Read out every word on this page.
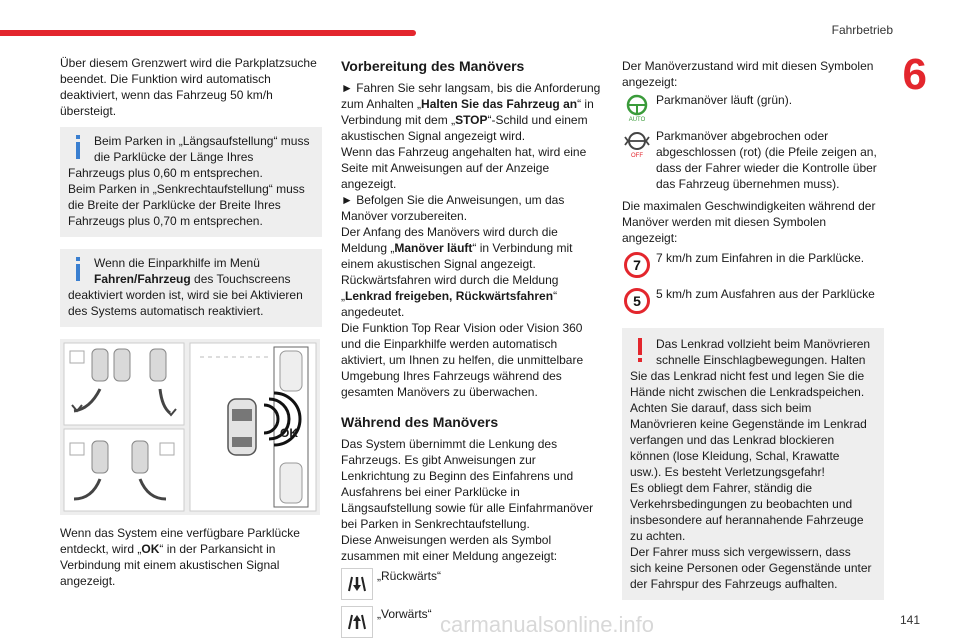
Fahrbetrieb
6

Über diesem Grenzwert wird die Parkplatzsuche beendet. Die Funktion wird automatisch deaktiviert, wenn das Fahrzeug 50 km/h übersteigt.

Beim Parken in „Längsaufstellung“ muss die Parklücke der Länge Ihres Fahrzeugs plus 0,60 m entsprechen.

Beim Parken in „Senkrechtaufstellung“ muss die Breite der Parklücke der Breite Ihres Fahrzeugs plus 0,70 m entsprechen.

Wenn die Einparkhilfe im Menü Fahren/Fahrzeug des Touchscreens deaktiviert worden ist, wird sie bei Aktivieren des Systems automatisch reaktiviert.

OK

Wenn das System eine verfügbare Parklücke entdeckt, wird „OK“ in der Parkansicht in Verbindung mit einem akustischen Signal angezeigt.

Vorbereitung des Manövers

► Fahren Sie sehr langsam, bis die Anforderung zum Anhalten „Halten Sie das Fahrzeug an“ in Verbindung mit dem „STOP“-Schild und einem akustischen Signal angezeigt wird.

Wenn das Fahrzeug angehalten hat, wird eine Seite mit Anweisungen auf der Anzeige angezeigt.

► Befolgen Sie die Anweisungen, um das Manöver vorzubereiten.

Der Anfang des Manövers wird durch die Meldung „Manöver läuft“ in Verbindung mit einem akustischen Signal angezeigt.

Rückwärtsfahren wird durch die Meldung „Lenkrad freigeben, Rückwärtsfahren“ angedeutet.

Die Funktion Top Rear Vision oder Vision 360 und die Einparkhilfe werden automatisch aktiviert, um Ihnen zu helfen, die unmittelbare Umgebung Ihres Fahrzeugs während des gesamten Manövers zu überwachen.

Während des Manövers

Das System übernimmt die Lenkung des Fahrzeugs. Es gibt Anweisungen zur Lenkrichtung zu Beginn des Einfahrens und Ausfahrens bei einer Parklücke in Längsaufstellung sowie für alle Einfahrmanöver bei Parken in Senkrechtaufstellung.

Diese Anweisungen werden als Symbol zusammen mit einer Meldung angezeigt:

„Rückwärts“
„Vorwärts“

Der Manöverzustand wird mit diesen Symbolen angezeigt:

AUTO
Parkmanöver läuft (grün).
OFF
Parkmanöver abgebrochen oder abgeschlossen (rot) (die Pfeile zeigen an, dass der Fahrer wieder die Kontrolle über das Fahrzeug übernehmen muss).

Die maximalen Geschwindigkeiten während der Manöver werden mit diesen Symbolen angezeigt:

7	7 km/h zum Einfahren in die Parklücke.
5	5 km/h zum Ausfahren aus der Parklücke

Das Lenkrad vollzieht beim Manövrieren schnelle Einschlagbewegungen. Halten Sie das Lenkrad nicht fest und legen Sie die Hände nicht zwischen die Lenkradspeichen.

Achten Sie darauf, dass sich beim Manövrieren keine Gegenstände im Lenkrad verfangen und das Lenkrad blockieren können (lose Kleidung, Schal, Krawatte usw.). Es besteht Verletzungsgefahr!

Es obliegt dem Fahrer, ständig die Verkehrsbedingungen zu beobachten und insbesondere auf herannahende Fahrzeuge zu achten.

Der Fahrer muss sich vergewissern, dass sich keine Personen oder Gegenstände unter der Fahrspur des Fahrzeugs aufhalten.

carmanualsonline.info	141
